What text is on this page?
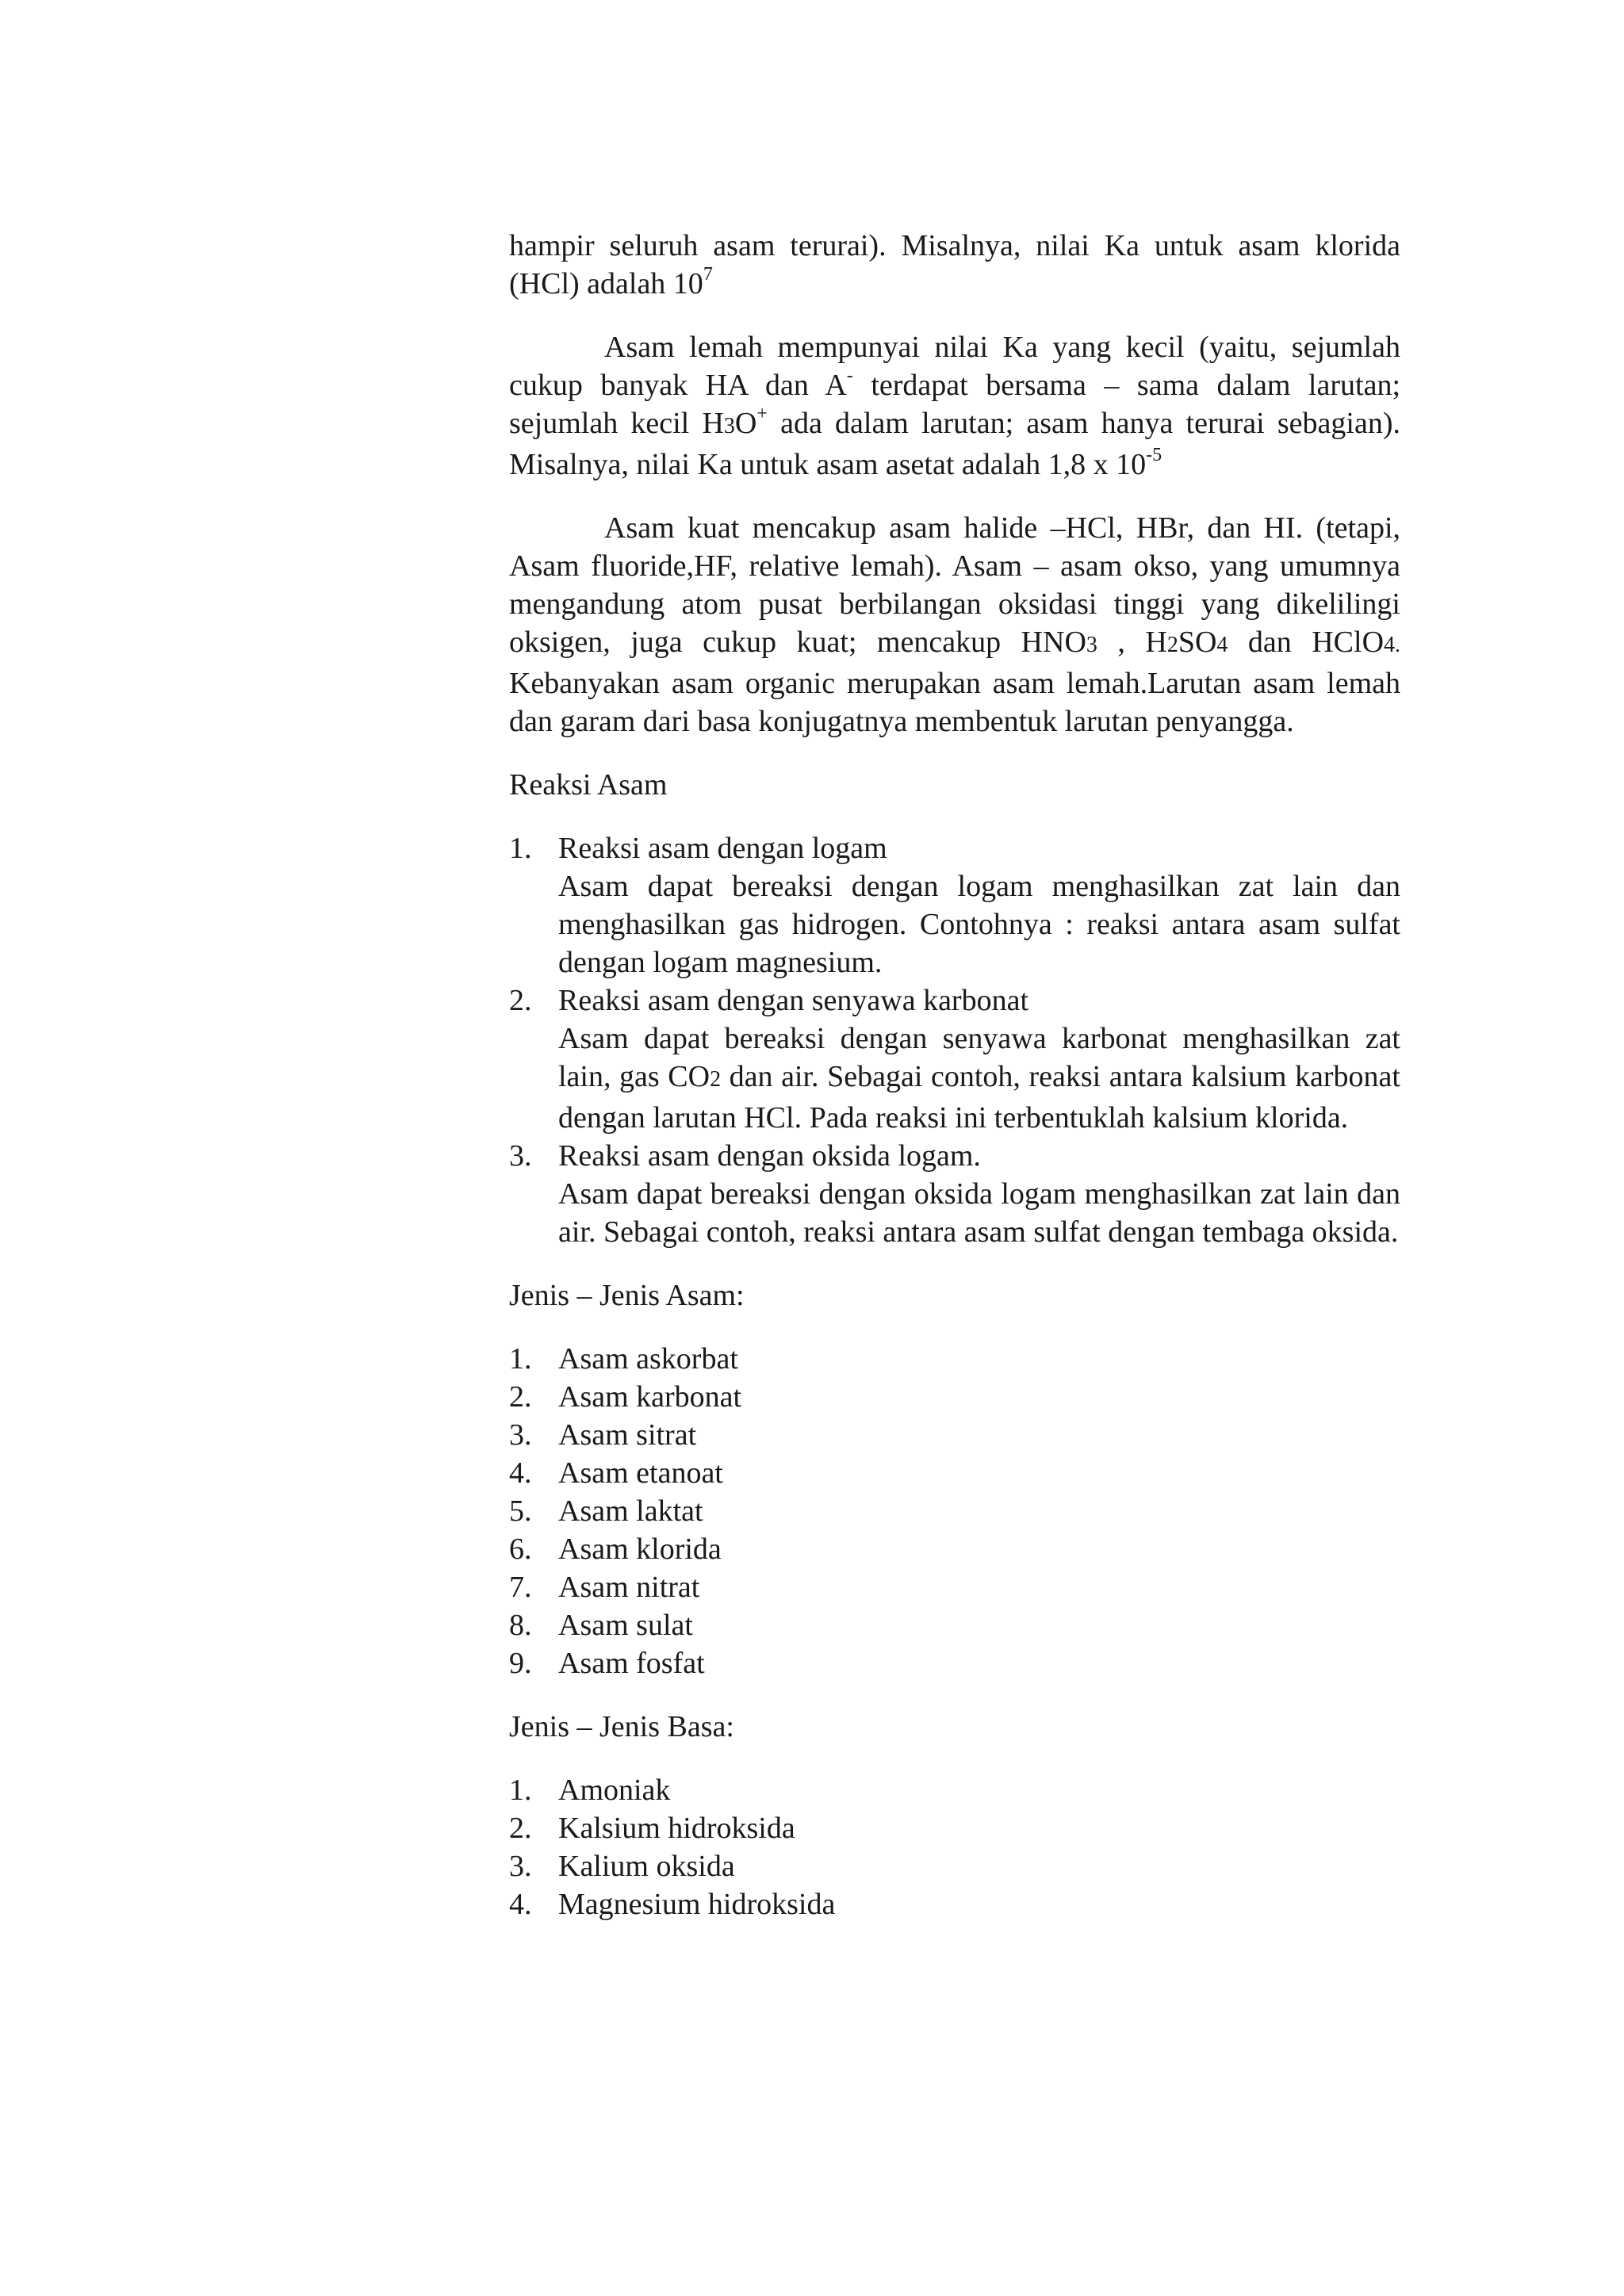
hampir seluruh asam terurai). Misalnya, nilai Ka untuk asam klorida (HCl) adalah $10^7$

Asam lemah mempunyai nilai Ka yang kecil (yaitu, sejumlah cukup banyak HA dan A- terdapat bersama – sama dalam larutan; sejumlah kecil H3O+ ada dalam larutan; asam hanya terurai sebagian). Misalnya, nilai Ka untuk asam asetat adalah 1,8 x $10^{-5}$

Asam kuat mencakup asam halide –HCl, HBr, dan HI. (tetapi, Asam fluoride,HF, relative lemah). Asam – asam okso, yang umumnya mengandung atom pusat berbilangan oksidasi tinggi yang dikelilingi oksigen, juga cukup kuat; mencakup HNO3 , H2SO4 dan HClO4. Kebanyakan asam organic merupakan asam lemah.Larutan asam lemah dan garam dari basa konjugatnya membentuk larutan penyangga.

Reaksi Asam

1. Reaksi asam dengan logam
Asam dapat bereaksi dengan logam menghasilkan zat lain dan menghasilkan gas hidrogen. Contohnya : reaksi antara asam sulfat dengan logam magnesium.
2. Reaksi asam dengan senyawa karbonat
Asam dapat bereaksi dengan senyawa karbonat menghasilkan zat lain, gas CO2 dan air. Sebagai contoh, reaksi antara kalsium karbonat dengan larutan HCl. Pada reaksi ini terbentuklah kalsium klorida.
3. Reaksi asam dengan oksida logam.
Asam dapat bereaksi dengan oksida logam menghasilkan zat lain dan air. Sebagai contoh, reaksi antara asam sulfat dengan tembaga oksida.

Jenis – Jenis Asam:

1. Asam askorbat
2. Asam karbonat
3. Asam sitrat
4. Asam etanoat
5. Asam laktat
6. Asam klorida
7. Asam nitrat
8. Asam sulat
9. Asam fosfat

Jenis – Jenis Basa:

1. Amoniak
2. Kalsium hidroksida
3. Kalium oksida
4. Magnesium hidroksida
